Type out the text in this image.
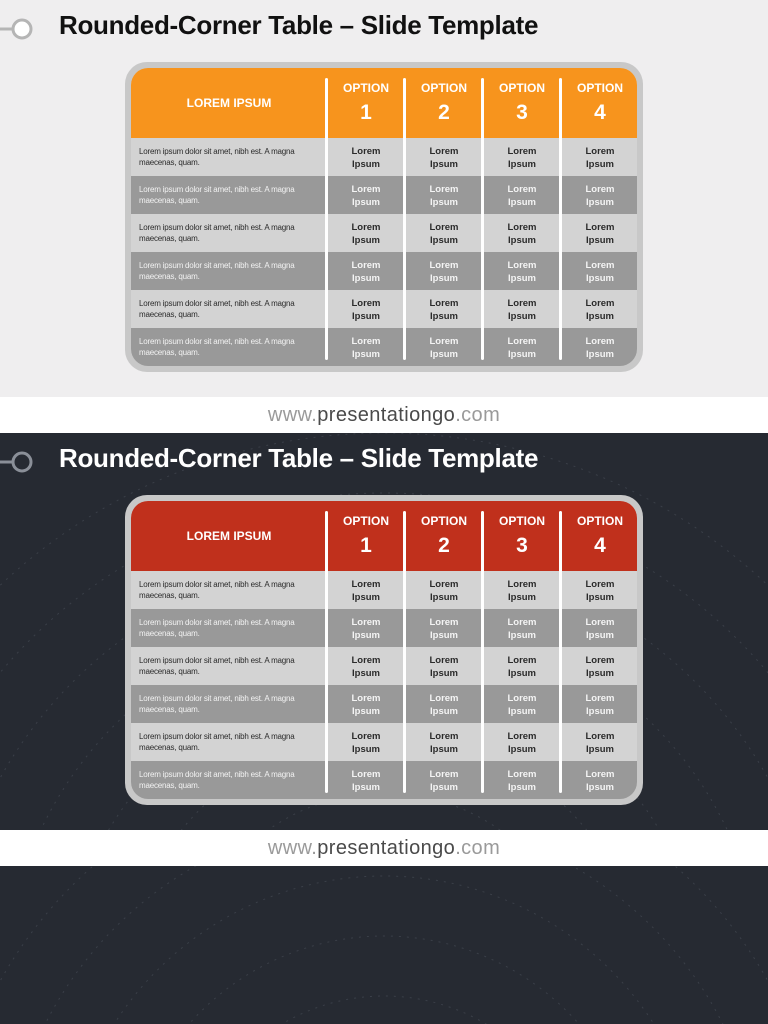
Rounded-Corner Table – Slide Template
LOREM IPSUM
OPTION
1
OPTION
2
OPTION
3
OPTION
4
Lorem ipsum dolor sit amet, nibh est. A magna maecenas, quam.
Lorem
Ipsum
Lorem
Ipsum
Lorem
Ipsum
Lorem
Ipsum
Lorem ipsum dolor sit amet, nibh est. A magna maecenas, quam.
Lorem
Ipsum
Lorem
Ipsum
Lorem
Ipsum
Lorem
Ipsum
Lorem ipsum dolor sit amet, nibh est. A magna maecenas, quam.
Lorem
Ipsum
Lorem
Ipsum
Lorem
Ipsum
Lorem
Ipsum
Lorem ipsum dolor sit amet, nibh est. A magna maecenas, quam.
Lorem
Ipsum
Lorem
Ipsum
Lorem
Ipsum
Lorem
Ipsum
Lorem ipsum dolor sit amet, nibh est. A magna maecenas, quam.
Lorem
Ipsum
Lorem
Ipsum
Lorem
Ipsum
Lorem
Ipsum
Lorem ipsum dolor sit amet, nibh est. A magna maecenas, quam.
Lorem
Ipsum
Lorem
Ipsum
Lorem
Ipsum
Lorem
Ipsum
www. presentationgo .com
Rounded-Corner Table – Slide Template
LOREM IPSUM
OPTION
1
OPTION
2
OPTION
3
OPTION
4
Lorem ipsum dolor sit amet, nibh est. A magna maecenas, quam.
Lorem
Ipsum
Lorem
Ipsum
Lorem
Ipsum
Lorem
Ipsum
Lorem ipsum dolor sit amet, nibh est. A magna maecenas, quam.
Lorem
Ipsum
Lorem
Ipsum
Lorem
Ipsum
Lorem
Ipsum
Lorem ipsum dolor sit amet, nibh est. A magna maecenas, quam.
Lorem
Ipsum
Lorem
Ipsum
Lorem
Ipsum
Lorem
Ipsum
Lorem ipsum dolor sit amet, nibh est. A magna maecenas, quam.
Lorem
Ipsum
Lorem
Ipsum
Lorem
Ipsum
Lorem
Ipsum
Lorem ipsum dolor sit amet, nibh est. A magna maecenas, quam.
Lorem
Ipsum
Lorem
Ipsum
Lorem
Ipsum
Lorem
Ipsum
Lorem ipsum dolor sit amet, nibh est. A magna maecenas, quam.
Lorem
Ipsum
Lorem
Ipsum
Lorem
Ipsum
Lorem
Ipsum
www. presentationgo .com
